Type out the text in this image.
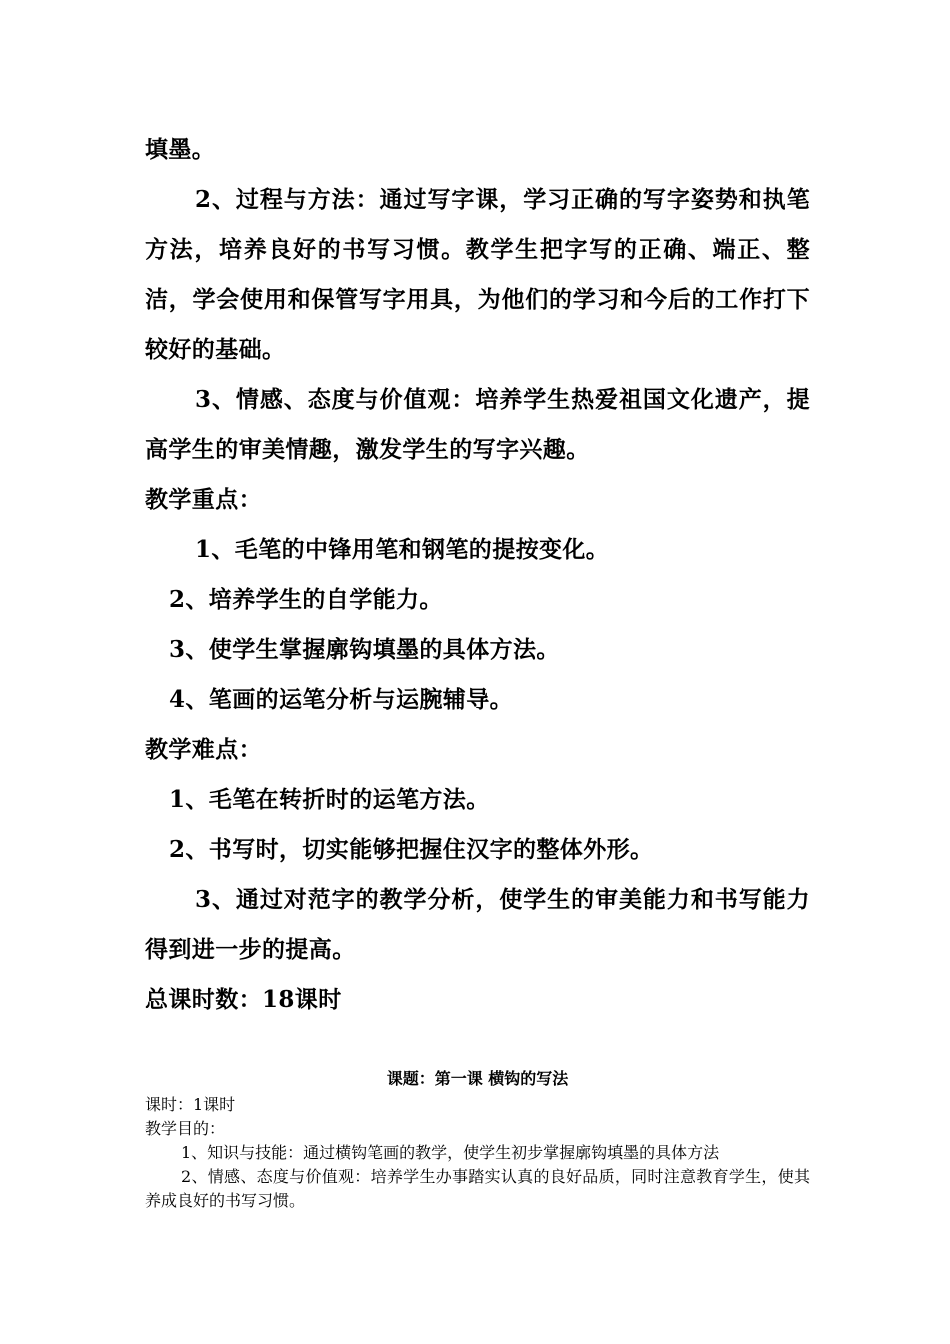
填墨。

2、过程与方法：通过写字课，学习正确的写字姿势和执笔方法，培养良好的书写习惯。教学生把字写的正确、端正、整洁，学会使用和保管写字用具，为他们的学习和今后的工作打下较好的基础。

3、情感、态度与价值观：培养学生热爱祖国文化遗产，提高学生的审美情趣，激发学生的写字兴趣。

教学重点：

1、毛笔的中锋用笔和钢笔的提按变化。

2、培养学生的自学能力。

3、使学生掌握廓钩填墨的具体方法。

4、笔画的运笔分析与运腕辅导。

教学难点：

1、毛笔在转折时的运笔方法。

2、书写时，切实能够把握住汉字的整体外形。

3、通过对范字的教学分析，使学生的审美能力和书写能力得到进一步的提高。

总课时数：18课时

课题：第一课 横钩的写法

课时：1课时

教学目的：

1、知识与技能：通过横钩笔画的教学，使学生初步掌握廓钩填墨的具体方法

2、情感、态度与价值观：培养学生办事踏实认真的良好品质，同时注意教育学生，使其养成良好的书写习惯。
